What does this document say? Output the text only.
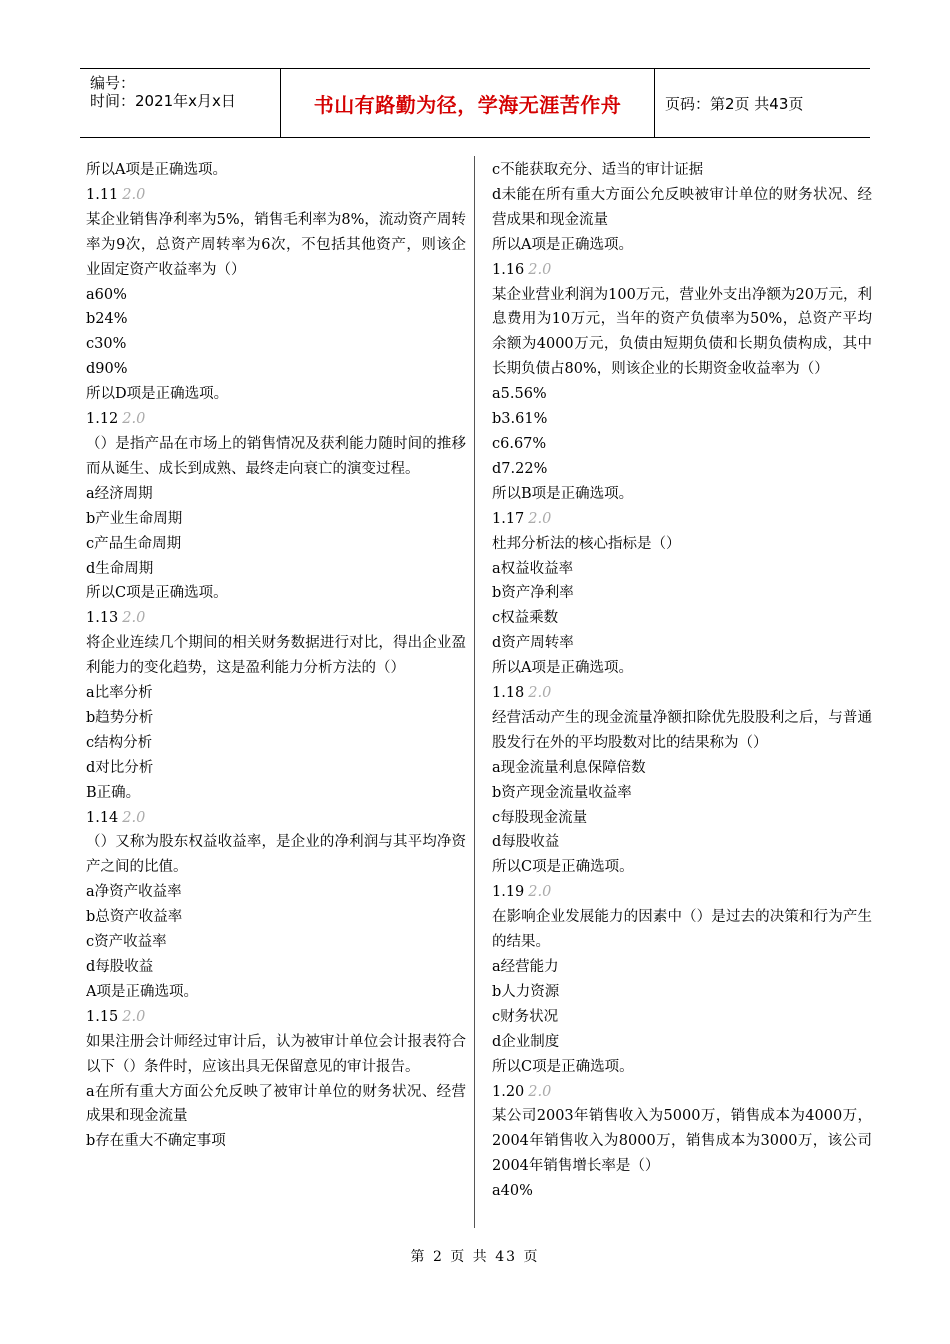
编号：
时间：2021年x月x日	书山有路勤为径，学海无涯苦作舟	页码：第2页 共43页
所以A项是正确选项。
1.11 2.0
某企业销售净利率为5%，销售毛利率为8%，流动资产周转率为9次，总资产周转率为6次，不包括其他资产，则该企业固定资产收益率为（）
a60%
b24%
c30%
d90%
所以D项是正确选项。
1.12 2.0
（）是指产品在市场上的销售情况及获利能力随时间的推移而从诞生、成长到成熟、最终走向衰亡的演变过程。
a经济周期
b产业生命周期
c产品生命周期
d生命周期
所以C项是正确选项。
1.13 2.0
将企业连续几个期间的相关财务数据进行对比，得出企业盈利能力的变化趋势，这是盈利能力分析方法的（）
a比率分析
b趋势分析
c结构分析
d对比分析
B正确。
1.14 2.0
（）又称为股东权益收益率，是企业的净利润与其平均净资产之间的比值。
a净资产收益率
b总资产收益率
c资产收益率
d每股收益
A项是正确选项。
1.15 2.0
如果注册会计师经过审计后，认为被审计单位会计报表符合以下（）条件时，应该出具无保留意见的审计报告。
a在所有重大方面公允反映了被审计单位的财务状况、经营成果和现金流量
b存在重大不确定事项
c不能获取充分、适当的审计证据
d未能在所有重大方面公允反映被审计单位的财务状况、经营成果和现金流量
所以A项是正确选项。
1.16 2.0
某企业营业利润为100万元，营业外支出净额为20万元，利息费用为10万元，当年的资产负债率为50%，总资产平均余额为4000万元，负债由短期负债和长期负债构成，其中长期负债占80%，则该企业的长期资金收益率为（）
a5.56%
b3.61%
c6.67%
d7.22%
所以B项是正确选项。
1.17 2.0
杜邦分析法的核心指标是（）
a权益收益率
b资产净利率
c权益乘数
d资产周转率
所以A项是正确选项。
1.18 2.0
经营活动产生的现金流量净额扣除优先股股利之后，与普通股发行在外的平均股数对比的结果称为（）
a现金流量利息保障倍数
b资产现金流量收益率
c每股现金流量
d每股收益
所以C项是正确选项。
1.19 2.0
在影响企业发展能力的因素中（）是过去的决策和行为产生的结果。
a经营能力
b人力资源
c财务状况
d企业制度
所以C项是正确选项。
1.20 2.0
某公司2003年销售收入为5000万，销售成本为4000万，2004年销售收入为8000万，销售成本为3000万，该公司2004年销售增长率是（）
a40%
第 2 页 共 43 页
